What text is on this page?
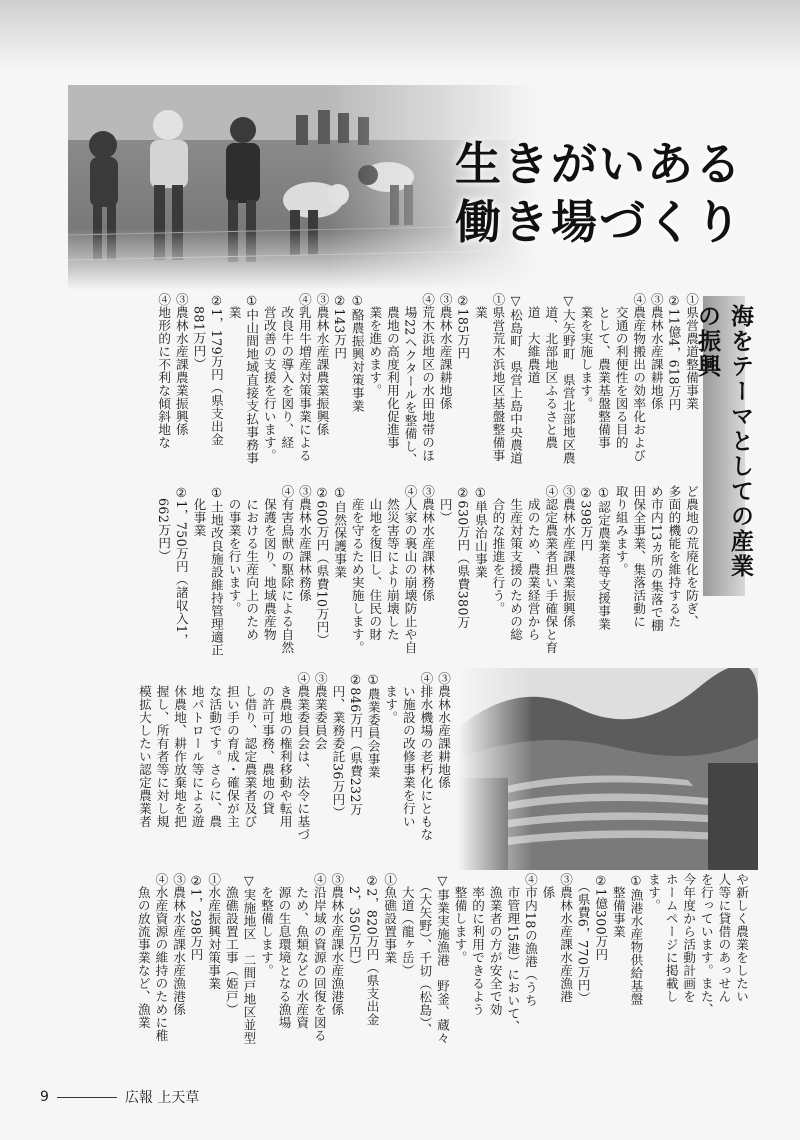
生きがいある
働き場づくり
海をテーマとしての産業の振興
①県営農道整備事業
②11億4，618万円
③農林水産課耕地係
④農産物搬出の効率化および
　交通の利便性を図る目的
　として、農業基盤整備事
　業を実施します。
▽大矢野町　県営北部地区農
　道、北部地区ふるさと農
　道　大維農道
▽松島町　県営上島中央農道
①県営荒木浜地区基盤整備事
　業
②185万円
③農林水産課耕地係
④荒木浜地区の水田地帯のほ
　場22ヘクタールを整備し、
　農地の高度利用化促進事
　業を進めます。
①酪農振興対策事業
②143万円
③農林水産課農業振興係
④乳用牛増産対策事業による
　改良牛の導入を図り、経
　営改善の支援を行います。
①中山間地域直接支払事務事
　業
②1，179万円（県支出金
　881万円）
③農林水産課農業振興係
④地形的に不利な傾斜地な
ど農地の荒廃化を防ぎ、
多面的機能を維持するた
め市内13カ所の集落で棚
田保全事業、集落活動に
取り組みます。
①認定農業者等支援事業
②398万円
③農林水産課農業振興係
④認定農業者担い手確保と育
　成のため、農業経営から
　生産対策支援のための総
　合的な推進を行う。
①単県治山事業
②630万円（県費380万
　円）
③農林水産課林務係
④人家の裏山の崩壊防止や自
　然災害等により崩壊した
　山地を復旧し、住民の財
　産を守るため実施します。
①自然保護事業
②600万円（県費10万円）
③農林水産課林務係
④有害鳥獣の駆除による自然
　保護を図り、地域農産物
　における生産向上のため
　の事業を行います。
①土地改良施設維持管理適正
　化事業
②1，750万円（諸収入1，
　662万円）
③農林水産課耕地係
④排水機場の老朽化にともな
　い施設の改修事業を行い
　ます。
①農業委員会事業
②846万円（県費232万
　円、業務委託36万円）
③農業委員会
④農業委員会は、法令に基づ
　き農地の権利移動や転用
　の許可事務、農地の貸
　し借り、認定農業者及び
　担い手の育成・確保が主
　な活動です。さらに、農
　地パトロール等による遊
　休農地、耕作放棄地を把
　握し、所有者等に対し規
　模拡大したい認定農業者
や新しく農業をしたい
人等に貸借のあっせん
を行っています。また、
今年度から活動計画を
ホームページに掲載し
ます。
①漁港水産物供給基盤
　整備事業
②1億300万円
　（県費6，770万円）
③農林水産課水産漁港
　係
④市内18の漁港（うち
　市管理15港）において、
　漁業者の方が安全で効
　率的に利用できるよう
　整備します。
▽事業実施漁港　野釜、蔵々
　（大矢野）、千切（松島）、
　大道（龍ヶ岳）
①魚礁設置事業
②2，820万円（県支出金
　2，350万円）
③農林水産課水産漁港係
④沿岸域の資源の回復を図る
　ため、魚類などの水産資
　源の生息環境となる漁場
　を整備します。
▽実施地区　二間戸地区並型
　漁礁設置工事（姫戸）
①水産振興対策事業
②1，298万円
③農林水産課水産漁港係
④水産資源の維持のために稚
　魚の放流事業など、漁業
9	広報 上天草
